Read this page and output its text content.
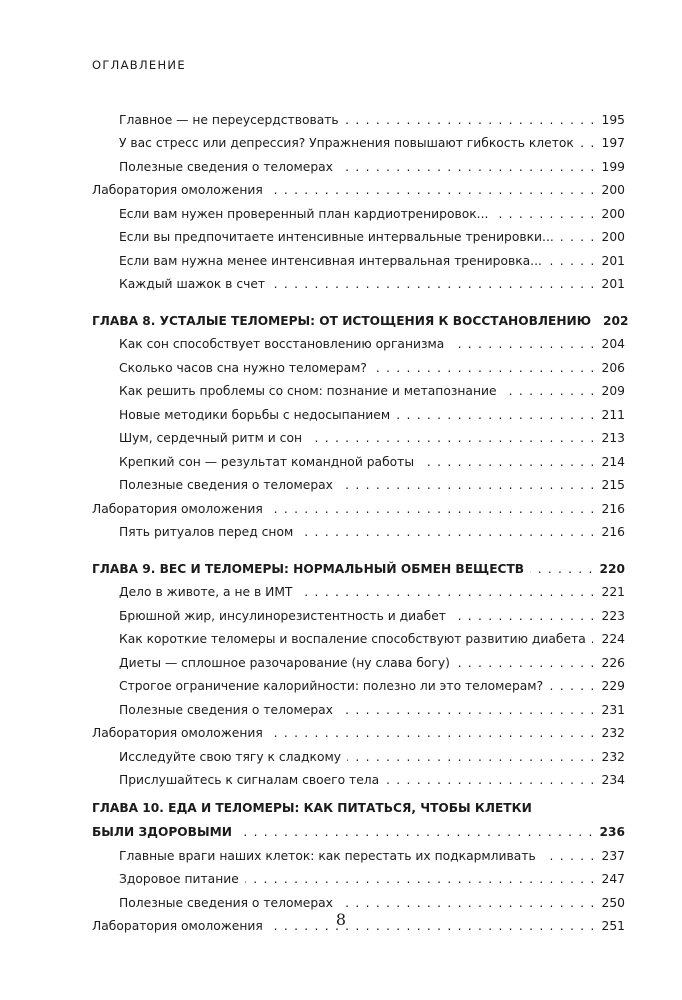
ОГЛАВЛЕНИЕ
Главное — не переусердствовать . . .	195
У вас стресс или депрессия? Упражнения повышают гибкость клеток . . .	197
Полезные сведения о теломерах . . .	199
Лаборатория омоложения . . .	200
Если вам нужен проверенный план кардиотренировок... . . .	200
Если вы предпочитаете интенсивные интервальные тренировки... . . .	200
Если вам нужна менее интенсивная интервальная тренировка... . . .	201
Каждый шажок в счет . . .	201
ГЛАВА 8. УСТАЛЫЕ ТЕЛОМЕРЫ: ОТ ИСТОЩЕНИЯ К ВОССТАНОВЛЕНИЮ 202
Как сон способствует восстановлению организма . . .	204
Сколько часов сна нужно теломерам? . . .	206
Как решить проблемы со сном: познание и метапознание . . .	209
Новые методики борьбы с недосыпанием . . .	211
Шум, сердечный ритм и сон . . .	213
Крепкий сон — результат командной работы . . .	214
Полезные сведения о теломерах . . .	215
Лаборатория омоложения . . .	216
Пять ритуалов перед сном . . .	216
ГЛАВА 9. ВЕС И ТЕЛОМЕРЫ: НОРМАЛЬНЫЙ ОБМЕН ВЕЩЕСТВ . . .	220
Дело в животе, а не в ИМТ . . .	221
Брюшной жир, инсулинорезистентность и диабет . . .	223
Как короткие теломеры и воспаление способствуют развитию диабета . . .	224
Диеты — сплошное разочарование (ну слава богу) . . .	226
Строгое ограничение калорийности: полезно ли это теломерам? . . .	229
Полезные сведения о теломерах . . .	231
Лаборатория омоложения . . .	232
Исследуйте свою тягу к сладкому . . .	232
Прислушайтесь к сигналам своего тела . . .	234
ГЛАВА 10. ЕДА И ТЕЛОМЕРЫ: КАК ПИТАТЬСЯ, ЧТОБЫ КЛЕТКИ
БЫЛИ ЗДОРОВЫМИ . . .	236
Главные враги наших клеток: как перестать их подкармливать . . .	237
Здоровое питание . . .	247
Полезные сведения о теломерах . . .	250
Лаборатория омоложения . . .	251
8
